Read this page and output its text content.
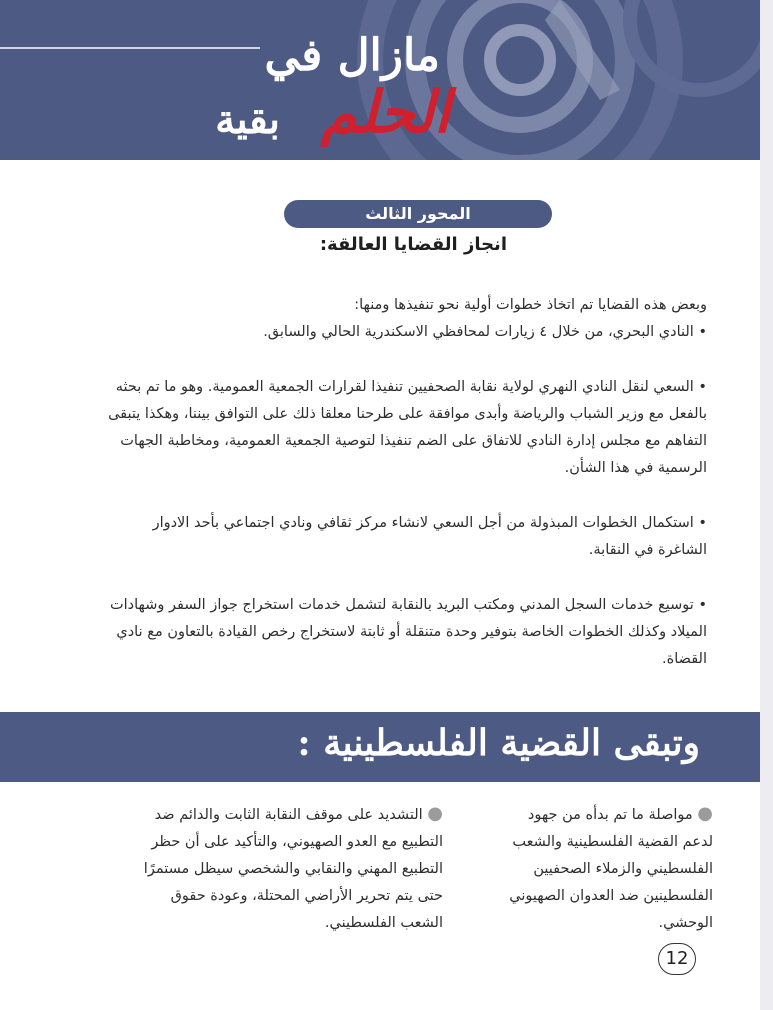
مازال في
الحلم
بقية
المحور الثالث
انجاز القضايا العالقة:
وبعض هذه القضايا تم اتخاذ خطوات أولية نحو تنفيذها ومنها:
• النادي البحري، من خلال ٤ زيارات لمحافظي الاسكندرية الحالي والسابق.
• السعي لنقل النادي النهري لولاية نقابة الصحفيين تنفيذا لقرارات الجمعية العمومية. وهو ما تم بحثه بالفعل مع وزير الشباب والرياضة وأبدى موافقة على طرحنا معلقا ذلك على التوافق بيننا، وهكذا يتبقى التفاهم مع مجلس إدارة النادي للاتفاق على الضم تنفيذا لتوصية الجمعية العمومية، ومخاطبة الجهات الرسمية في هذا الشأن.
• استكمال الخطوات المبذولة من أجل السعي لانشاء مركز ثقافي ونادي اجتماعي بأحد الادوار الشاغرة في النقابة.
• توسيع خدمات السجل المدني ومكتب البريد بالنقابة لتشمل خدمات استخراج جواز السفر وشهادات الميلاد وكذلك الخطوات الخاصة بتوفير وحدة متنقلة أو ثابتة لاستخراج رخص القيادة بالتعاون مع نادي القضاة.
وتبقى القضية الفلسطينية :
● مواصلة ما تم بدأه من جهود لدعم القضية الفلسطينية والشعب الفلسطيني والزملاء الصحفيين الفلسطينين ضد العدوان الصهيوني الوحشي.
● التشديد على موقف النقابة الثابت والدائم ضد التطبيع مع العدو الصهيوني، والتأكيد على أن حظر التطبيع المهني والنقابي والشخصي سيظل مستمرًا حتى يتم تحرير الأراضي المحتلة، وعودة حقوق الشعب الفلسطيني.
12
